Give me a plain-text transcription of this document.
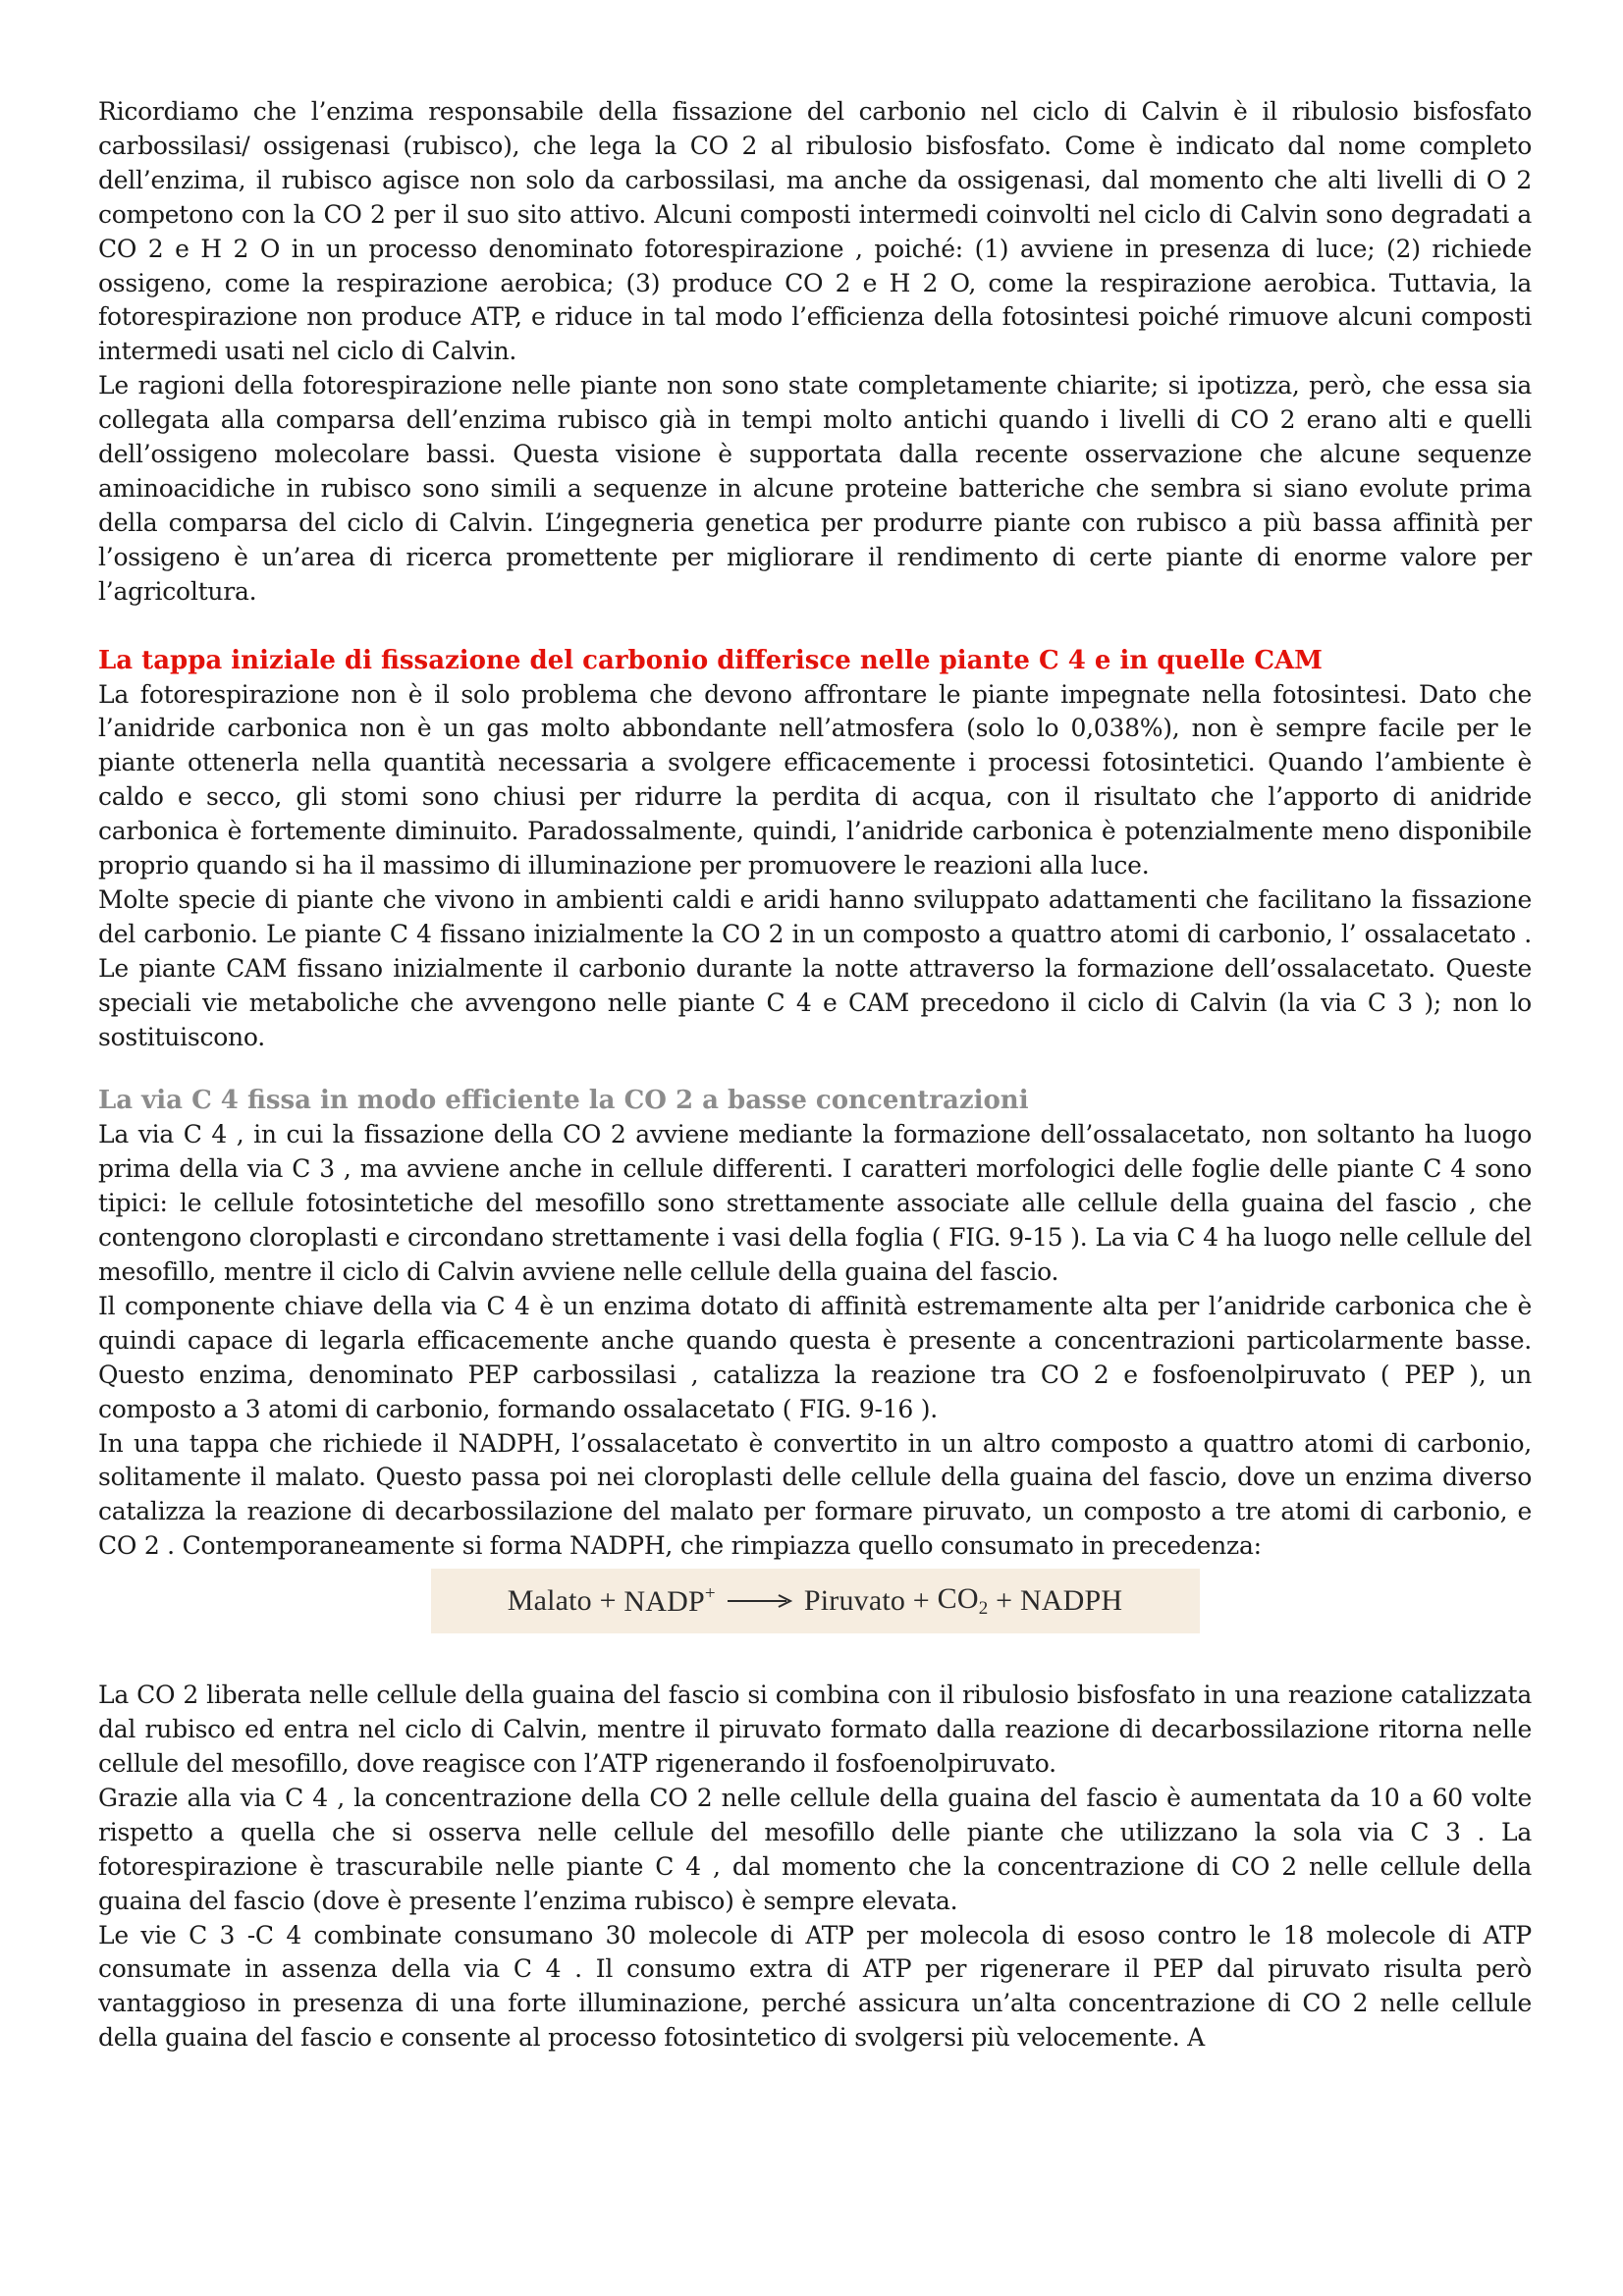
Ricordiamo che l’enzima responsabile della fissazione del carbonio nel ciclo di Calvin è il ribulosio bisfosfato carbossilasi/ ossigenasi (rubisco), che lega la CO 2 al ribulosio bisfosfato. Come è indicato dal nome completo dell’enzima, il rubisco agisce non solo da carbossilasi, ma anche da ossigenasi, dal momento che alti livelli di O 2 competono con la CO 2 per il suo sito attivo. Alcuni composti intermedi coinvolti nel ciclo di Calvin sono degradati a CO 2 e H 2 O in un processo denominato fotorespirazione , poiché: (1) avviene in presenza di luce; (2) richiede ossigeno, come la respirazione aerobica; (3) produce CO 2 e H 2 O, come la respirazione aerobica. Tuttavia, la fotorespirazione non produce ATP, e riduce in tal modo l’efficienza della fotosintesi poiché rimuove alcuni composti intermedi usati nel ciclo di Calvin.

Le ragioni della fotorespirazione nelle piante non sono state completamente chiarite; si ipotizza, però, che essa sia collegata alla comparsa dell’enzima rubisco già in tempi molto antichi quando i livelli di CO 2 erano alti e quelli dell’ossigeno molecolare bassi. Questa visione è supportata dalla recente osservazione che alcune sequenze aminoacidiche in rubisco sono simili a sequenze in alcune proteine batteriche che sembra si siano evolute prima della comparsa del ciclo di Calvin. L’ingegneria genetica per produrre piante con rubisco a più bassa affinità per l’ossigeno è un’area di ricerca promettente per migliorare il rendimento di certe piante di enorme valore per l’agricoltura.

La tappa iniziale di fissazione del carbonio differisce nelle piante C 4 e in quelle CAM

La fotorespirazione non è il solo problema che devono affrontare le piante impegnate nella fotosintesi. Dato che l’anidride carbonica non è un gas molto abbondante nell’atmosfera (solo lo 0,038%), non è sempre facile per le piante ottenerla nella quantità necessaria a svolgere efficacemente i processi fotosintetici. Quando l’ambiente è caldo e secco, gli stomi sono chiusi per ridurre la perdita di acqua, con il risultato che l’apporto di anidride carbonica è fortemente diminuito. Paradossalmente, quindi, l’anidride carbonica è potenzialmente meno disponibile proprio quando si ha il massimo di illuminazione per promuovere le reazioni alla luce.

Molte specie di piante che vivono in ambienti caldi e aridi hanno sviluppato adattamenti che facilitano la fissazione del carbonio. Le piante C 4 fissano inizialmente la CO 2 in un composto a quattro atomi di carbonio, l’ ossalacetato . Le piante CAM fissano inizialmente il carbonio durante la notte attraverso la formazione dell’ossalacetato. Queste speciali vie metaboliche che avvengono nelle piante C 4 e CAM precedono il ciclo di Calvin (la via C 3 ); non lo sostituiscono.

La via C 4 fissa in modo efficiente la CO 2 a basse concentrazioni

La via C 4 , in cui la fissazione della CO 2 avviene mediante la formazione dell’ossalacetato, non soltanto ha luogo prima della via C 3 , ma avviene anche in cellule differenti. I caratteri morfologici delle foglie delle piante C 4 sono tipici: le cellule fotosintetiche del mesofillo sono strettamente associate alle cellule della guaina del fascio , che contengono cloroplasti e circondano strettamente i vasi della foglia ( FIG. 9-15 ). La via C 4 ha luogo nelle cellule del mesofillo, mentre il ciclo di Calvin avviene nelle cellule della guaina del fascio.

Il componente chiave della via C 4 è un enzima dotato di affinità estremamente alta per l’anidride carbonica che è quindi capace di legarla efficacemente anche quando questa è presente a concentrazioni particolarmente basse. Questo enzima, denominato PEP carbossilasi , catalizza la reazione tra CO 2 e fosfoenolpiruvato ( PEP ), un composto a 3 atomi di carbonio, formando ossalacetato ( FIG. 9-16 ).

In una tappa che richiede il NADPH, l’ossalacetato è convertito in un altro composto a quattro atomi di carbonio, solitamente il malato. Questo passa poi nei cloroplasti delle cellule della guaina del fascio, dove un enzima diverso catalizza la reazione di decarbossilazione del malato per formare piruvato, un composto a tre atomi di carbonio, e CO 2 . Contemporaneamente si forma NADPH, che rimpiazza quello consumato in precedenza:

Malato
+
NADP+ → Piruvato
+
$CO_2$
+
NADPH

La CO 2 liberata nelle cellule della guaina del fascio si combina con il ribulosio bisfosfato in una reazione catalizzata dal rubisco ed entra nel ciclo di Calvin, mentre il piruvato formato dalla reazione di decarbossilazione ritorna nelle cellule del mesofillo, dove reagisce con l’ATP rigenerando il fosfoenolpiruvato.

Grazie alla via C 4 , la concentrazione della CO 2 nelle cellule della guaina del fascio è aumentata da 10 a 60 volte rispetto a quella che si osserva nelle cellule del mesofillo delle piante che utilizzano la sola via C 3 . La fotorespirazione è trascurabile nelle piante C 4 , dal momento che la concentrazione di CO 2 nelle cellule della guaina del fascio (dove è presente l’enzima rubisco) è sempre elevata.

Le vie C 3 -C 4 combinate consumano 30 molecole di ATP per molecola di esoso contro le 18 molecole di ATP consumate in assenza della via C 4 . Il consumo extra di ATP per rigenerare il PEP dal piruvato risulta però vantaggioso in presenza di una forte illuminazione, perché assicura un’alta concentrazione di CO 2 nelle cellule della guaina del fascio e consente al processo fotosintetico di svolgersi più velocemente. A
